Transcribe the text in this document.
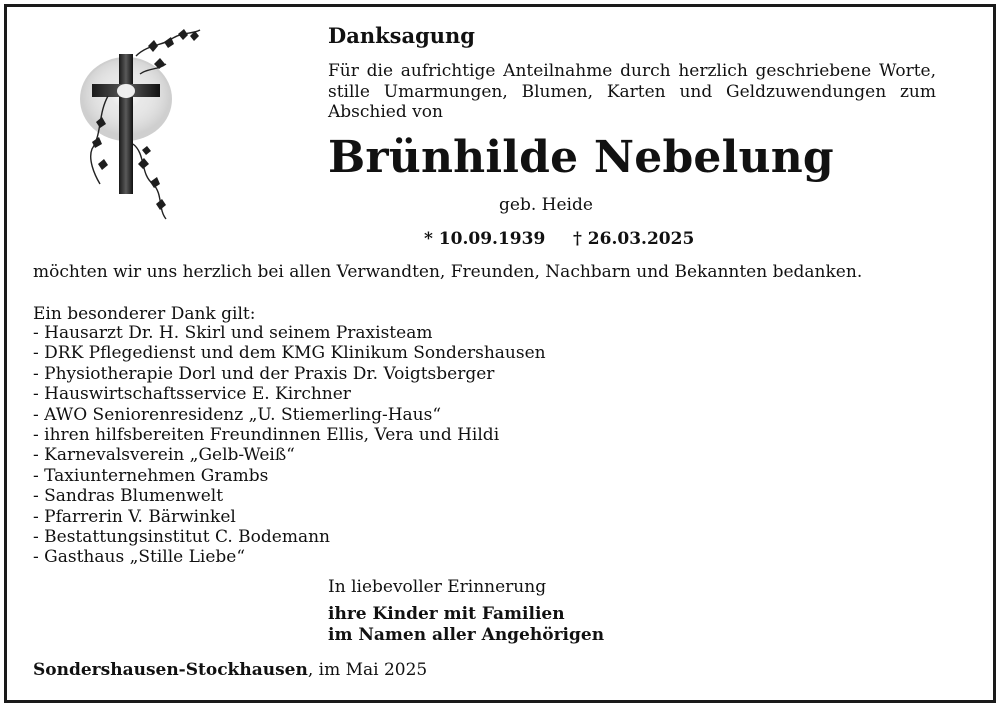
Danksagung
Für die aufrichtige Anteilnahme durch herzlich geschriebene Worte,
stille Umarmungen, Blumen, Karten und Geldzuwendungen zum
Abschied von
Brünhilde Nebelung
geb. Heide
* 10.09.1939 † 26.03.2025
möchten wir uns herzlich bei allen Verwandten, Freunden, Nachbarn und Bekannten bedanken.
Ein besonderer Dank gilt:
- Hausarzt Dr. H. Skirl und seinem Praxisteam
- DRK Pflegedienst und dem KMG Klinikum Sondershausen
- Physiotherapie Dorl und der Praxis Dr. Voigtsberger
- Hauswirtschaftsservice E. Kirchner
- AWO Seniorenresidenz „U. Stiemerling-Haus“
- ihren hilfsbereiten Freundinnen Ellis, Vera und Hildi
- Karnevalsverein „Gelb-Weiß“
- Taxiunternehmen Grambs
- Sandras Blumenwelt
- Pfarrerin V. Bärwinkel
- Bestattungsinstitut C. Bodemann
- Gasthaus „Stille Liebe“
In liebevoller Erinnerung
ihre Kinder mit Familien
im Namen aller Angehörigen
Sondershausen-Stockhausen, im Mai 2025
